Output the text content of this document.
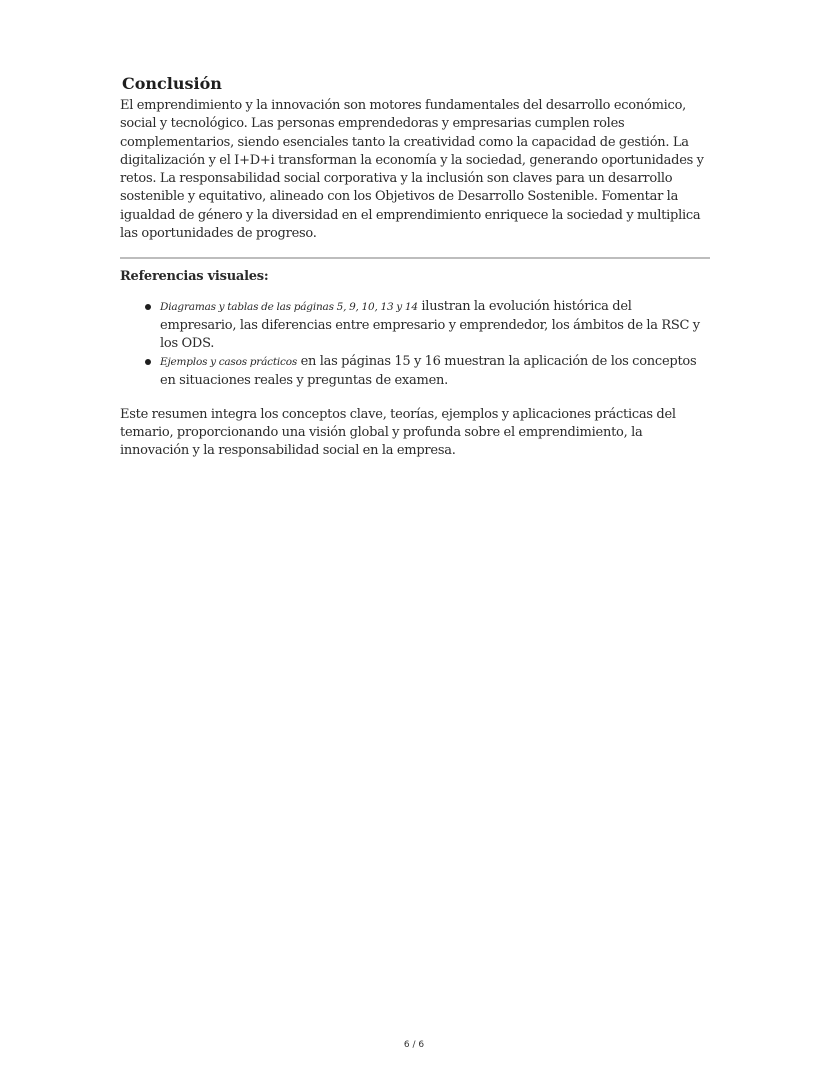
Conclusión

El emprendimiento y la innovación son motores fundamentales del desarrollo económico, social y tecnológico. Las personas emprendedoras y empresarias cumplen roles complementarios, siendo esenciales tanto la creatividad como la capacidad de gestión. La digitalización y el I+D+i transforman la economía y la sociedad, generando oportunidades y retos. La responsabilidad social corporativa y la inclusión son claves para un desarrollo sostenible y equitativo, alineado con los Objetivos de Desarrollo Sostenible. Fomentar la igualdad de género y la diversidad en el emprendimiento enriquece la sociedad y multiplica las oportunidades de progreso.

Referencias visuales:
Diagramas y tablas de las páginas 5, 9, 10, 13 y 14 ilustran la evolución histórica del empresario, las diferencias entre empresario y emprendedor, los ámbitos de la RSC y los ODS.
Ejemplos y casos prácticos en las páginas 15 y 16 muestran la aplicación de los conceptos en situaciones reales y preguntas de examen.

Este resumen integra los conceptos clave, teorías, ejemplos y aplicaciones prácticas del temario, proporcionando una visión global y profunda sobre el emprendimiento, la innovación y la responsabilidad social en la empresa.

6 / 6
